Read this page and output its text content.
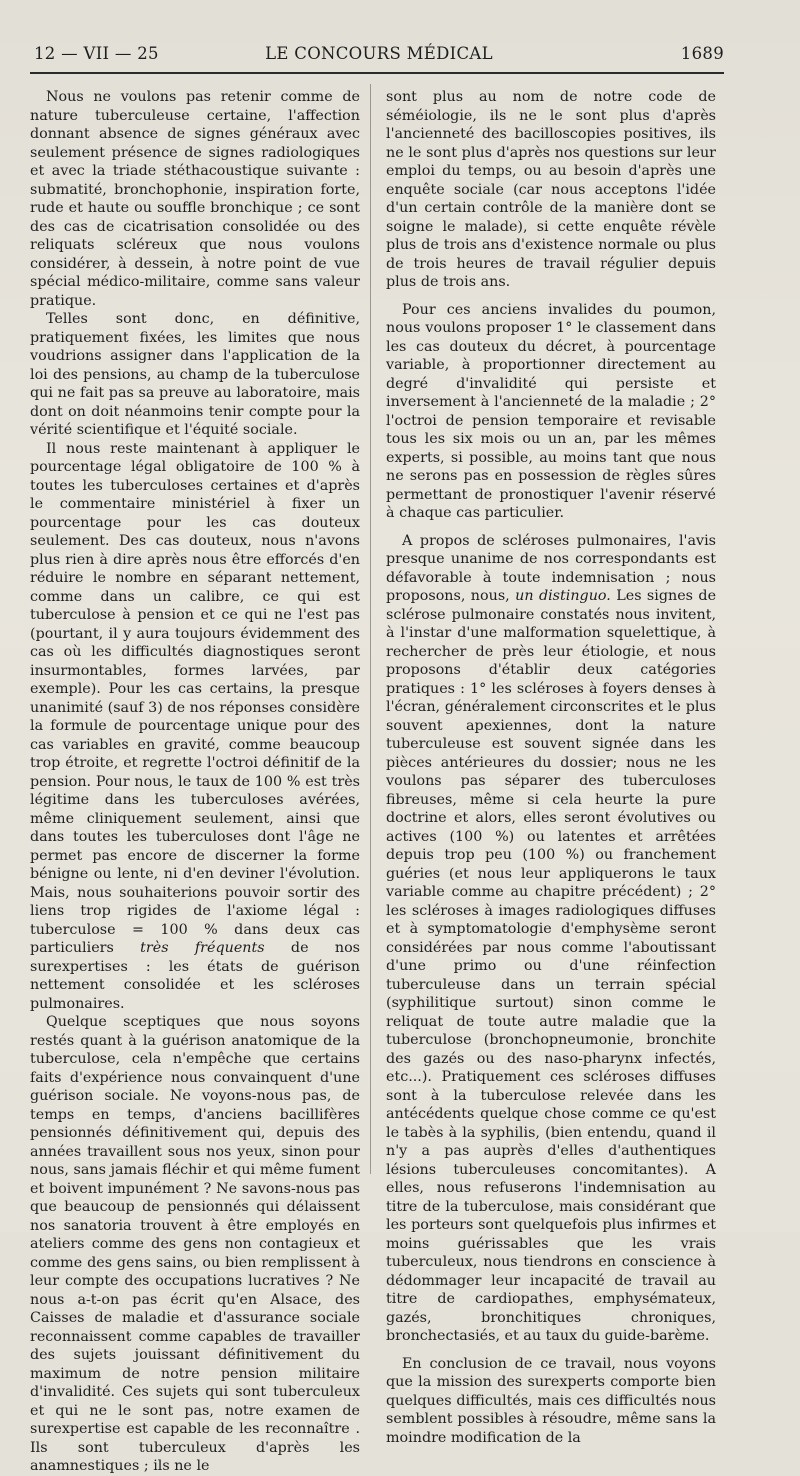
12 — VII — 25	LE CONCOURS MÉDICAL	1689

Nous ne voulons pas retenir comme de nature tuberculeuse certaine, l'affection donnant absence de signes généraux avec seulement présence de signes radiologiques et avec la triade stéthacoustique suivante : submatité, bronchophonie, inspiration forte, rude et haute ou souffle bronchique ; ce sont des cas de cicatrisation consolidée ou des reliquats scléreux que nous voulons considérer, à dessein, à notre point de vue spécial médico-militaire, comme sans valeur pratique.

Telles sont donc, en définitive, pratiquement fixées, les limites que nous voudrions assigner dans l'application de la loi des pensions, au champ de la tuberculose qui ne fait pas sa preuve au laboratoire, mais dont on doit néanmoins tenir compte pour la vérité scientifique et l'équité sociale.

Il nous reste maintenant à appliquer le pourcentage légal obligatoire de 100 % à toutes les tuberculoses certaines et d'après le commentaire ministériel à fixer un pourcentage pour les cas douteux seulement. Des cas douteux, nous n'avons plus rien à dire après nous être efforcés d'en réduire le nombre en séparant nettement, comme dans un calibre, ce qui est tuberculose à pension et ce qui ne l'est pas (pourtant, il y aura toujours évidemment des cas où les difficultés diagnostiques seront insurmontables, formes larvées, par exemple). Pour les cas certains, la presque unanimité (sauf 3) de nos réponses considère la formule de pourcentage unique pour des cas variables en gravité, comme beaucoup trop étroite, et regrette l'octroi définitif de la pension. Pour nous, le taux de 100 % est très légitime dans les tuberculoses avérées, même cliniquement seulement, ainsi que dans toutes les tuberculoses dont l'âge ne permet pas encore de discerner la forme bénigne ou lente, ni d'en deviner l'évolution. Mais, nous souhaiterions pouvoir sortir des liens trop rigides de l'axiome légal : tuberculose = 100 % dans deux cas particuliers très fréquents de nos surexpertises : les états de guérison nettement consolidée et les scléroses pulmonaires.

Quelque sceptiques que nous soyons restés quant à la guérison anatomique de la tuberculose, cela n'empêche que certains faits d'expérience nous convainquent d'une guérison sociale. Ne voyons-nous pas, de temps en temps, d'anciens bacillifères pensionnés définitivement qui, depuis des années travaillent sous nos yeux, sinon pour nous, sans jamais fléchir et qui même fument et boivent impunément ? Ne savons-nous pas que beaucoup de pensionnés qui délaissent nos sanatoria trouvent à être employés en ateliers comme des gens non contagieux et comme des gens sains, ou bien remplissent à leur compte des occupations lucratives ? Ne nous a-t-on pas écrit qu'en Alsace, des Caisses de maladie et d'assurance sociale reconnaissent comme capables de travailler des sujets jouissant définitivement du maximum de notre pension militaire d'invalidité. Ces sujets qui sont tuberculeux et qui ne le sont pas, notre examen de surexpertise est capable de les reconnaître . Ils sont tuberculeux d'après les anamnestiques ; ils ne le

sont plus au nom de notre code de séméiologie, ils ne le sont plus d'après l'ancienneté des bacilloscopies positives, ils ne le sont plus d'après nos questions sur leur emploi du temps, ou au besoin d'après une enquête sociale (car nous acceptons l'idée d'un certain contrôle de la manière dont se soigne le malade), si cette enquête révèle plus de trois ans d'existence normale ou plus de trois heures de travail régulier depuis plus de trois ans.

Pour ces anciens invalides du poumon, nous voulons proposer 1° le classement dans les cas douteux du décret, à pourcentage variable, à proportionner directement au degré d'invalidité qui persiste et inversement à l'ancienneté de la maladie ; 2° l'octroi de pension temporaire et revisable tous les six mois ou un an, par les mêmes experts, si possible, au moins tant que nous ne serons pas en possession de règles sûres permettant de pronostiquer l'avenir réservé à chaque cas particulier.

A propos de scléroses pulmonaires, l'avis presque unanime de nos correspondants est défavorable à toute indemnisation ; nous proposons, nous, un distinguo. Les signes de sclérose pulmonaire constatés nous invitent, à l'instar d'une malformation squelettique, à rechercher de près leur étiologie, et nous proposons d'établir deux catégories pratiques : 1° les scléroses à foyers denses à l'écran, généralement circonscrites et le plus souvent apexiennes, dont la nature tuberculeuse est souvent signée dans les pièces antérieures du dossier; nous ne les voulons pas séparer des tuberculoses fibreuses, même si cela heurte la pure doctrine et alors, elles seront évolutives ou actives (100 %) ou latentes et arrêtées depuis trop peu (100 %) ou franchement guéries (et nous leur appliquerons le taux variable comme au chapitre précédent) ; 2° les scléroses à images radiologiques diffuses et à symptomatologie d'emphysème seront considérées par nous comme l'aboutissant d'une primo ou d'une réinfection tuberculeuse dans un terrain spécial (syphilitique surtout) sinon comme le reliquat de toute autre maladie que la tuberculose (bronchopneumonie, bronchite des gazés ou des naso-pharynx infectés, etc...). Pratiquement ces scléroses diffuses sont à la tuberculose relevée dans les antécédents quelque chose comme ce qu'est le tabès à la syphilis, (bien entendu, quand il n'y a pas auprès d'elles d'authentiques lésions tuberculeuses concomitantes). A elles, nous refuserons l'indemnisation au titre de la tuberculose, mais considérant que les porteurs sont quelquefois plus infirmes et moins guérissables que les vrais tuberculeux, nous tiendrons en conscience à dédommager leur incapacité de travail au titre de cardiopathes, emphysémateux, gazés, bronchitiques chroniques, bronchectasiés, et au taux du guide-barème.

En conclusion de ce travail, nous voyons que la mission des surexperts comporte bien quelques difficultés, mais ces difficultés nous semblent possibles à résoudre, même sans la moindre modification de la
